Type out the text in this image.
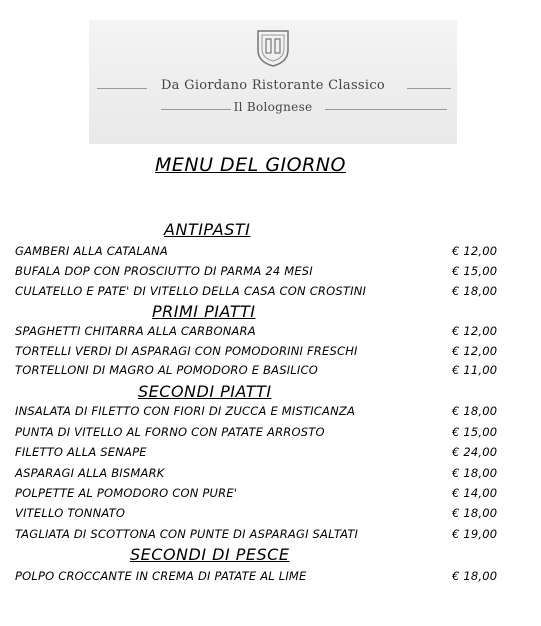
Da Giordano Ristorante Classico
Il Bolognese
MENU DEL GIORNO
ANTIPASTI
GAMBERI ALLA CATALANA	€ 12,00
BUFALA DOP CON PROSCIUTTO DI PARMA 24 MESI	€ 15,00
CULATELLO E PATE' DI VITELLO DELLA CASA CON CROSTINI	€ 18,00
PRIMI PIATTI
SPAGHETTI CHITARRA ALLA CARBONARA	€ 12,00
TORTELLI VERDI DI ASPARAGI CON POMODORINI FRESCHI	€ 12,00
TORTELLONI DI MAGRO AL POMODORO E BASILICO	€ 11,00
SECONDI PIATTI
INSALATA DI FILETTO CON FIORI DI ZUCCA E MISTICANZA	€ 18,00
PUNTA DI VITELLO AL FORNO CON PATATE ARROSTO	€ 15,00
FILETTO ALLA SENAPE	€ 24,00
ASPARAGI ALLA BISMARK	€ 18,00
POLPETTE AL POMODORO CON PURE'	€ 14,00
VITELLO TONNATO	€ 18,00
TAGLIATA DI SCOTTONA CON PUNTE DI ASPARAGI SALTATI	€ 19,00
SECONDI DI PESCE
POLPO CROCCANTE IN CREMA DI PATATE AL LIME	€ 18,00
